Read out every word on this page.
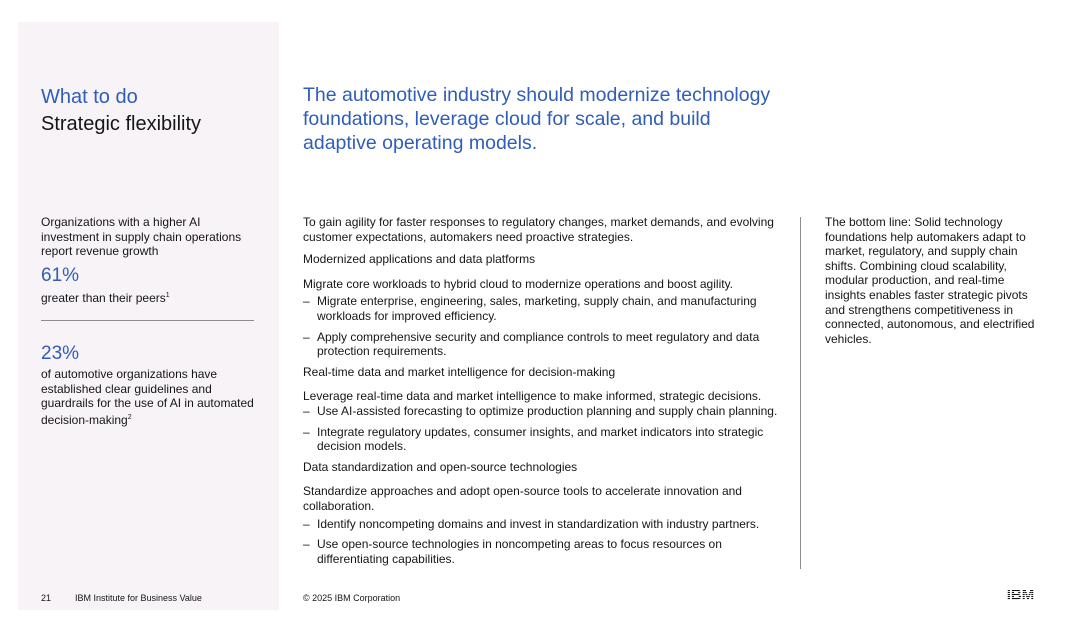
What to do
Strategic flexibility
Organizations with a higher AI investment in supply chain operations report revenue growth
61%
greater than their peers$^1$
23%
of automotive organizations have established clear guidelines and guardrails for the use of AI in automated decision-making$^2$
The automotive industry should modernize technology foundations, leverage cloud for scale, and build adaptive operating models.

To gain agility for faster responses to regulatory changes, market demands, and evolving customer expectations, automakers need proactive strategies.

Modernized applications and data platforms

Migrate core workloads to hybrid cloud to modernize operations and boost agility.

– Migrate enterprise, engineering, sales, marketing, supply chain, and manufacturing workloads for improved efficiency.
– Apply comprehensive security and compliance controls to meet regulatory and data protection requirements.

Real-time data and market intelligence for decision-making

Leverage real-time data and market intelligence to make informed, strategic decisions.

– Use AI-assisted forecasting to optimize production planning and supply chain planning.
– Integrate regulatory updates, consumer insights, and market indicators into strategic decision models.

Data standardization and open-source technologies

Standardize approaches and adopt open-source tools to accelerate innovation and collaboration.

– Identify noncompeting domains and invest in standardization with industry partners.
– Use open-source technologies in noncompeting areas to focus resources on differentiating capabilities.
The bottom line: Solid technology foundations help automakers adapt to market, regulatory, and supply chain shifts. Combining cloud scalability, modular production, and real-time insights enables faster strategic pivots and strengthens competitiveness in connected, autonomous, and electrified vehicles.
21	IBM Institute for Business Value	© 2025 IBM Corporation
